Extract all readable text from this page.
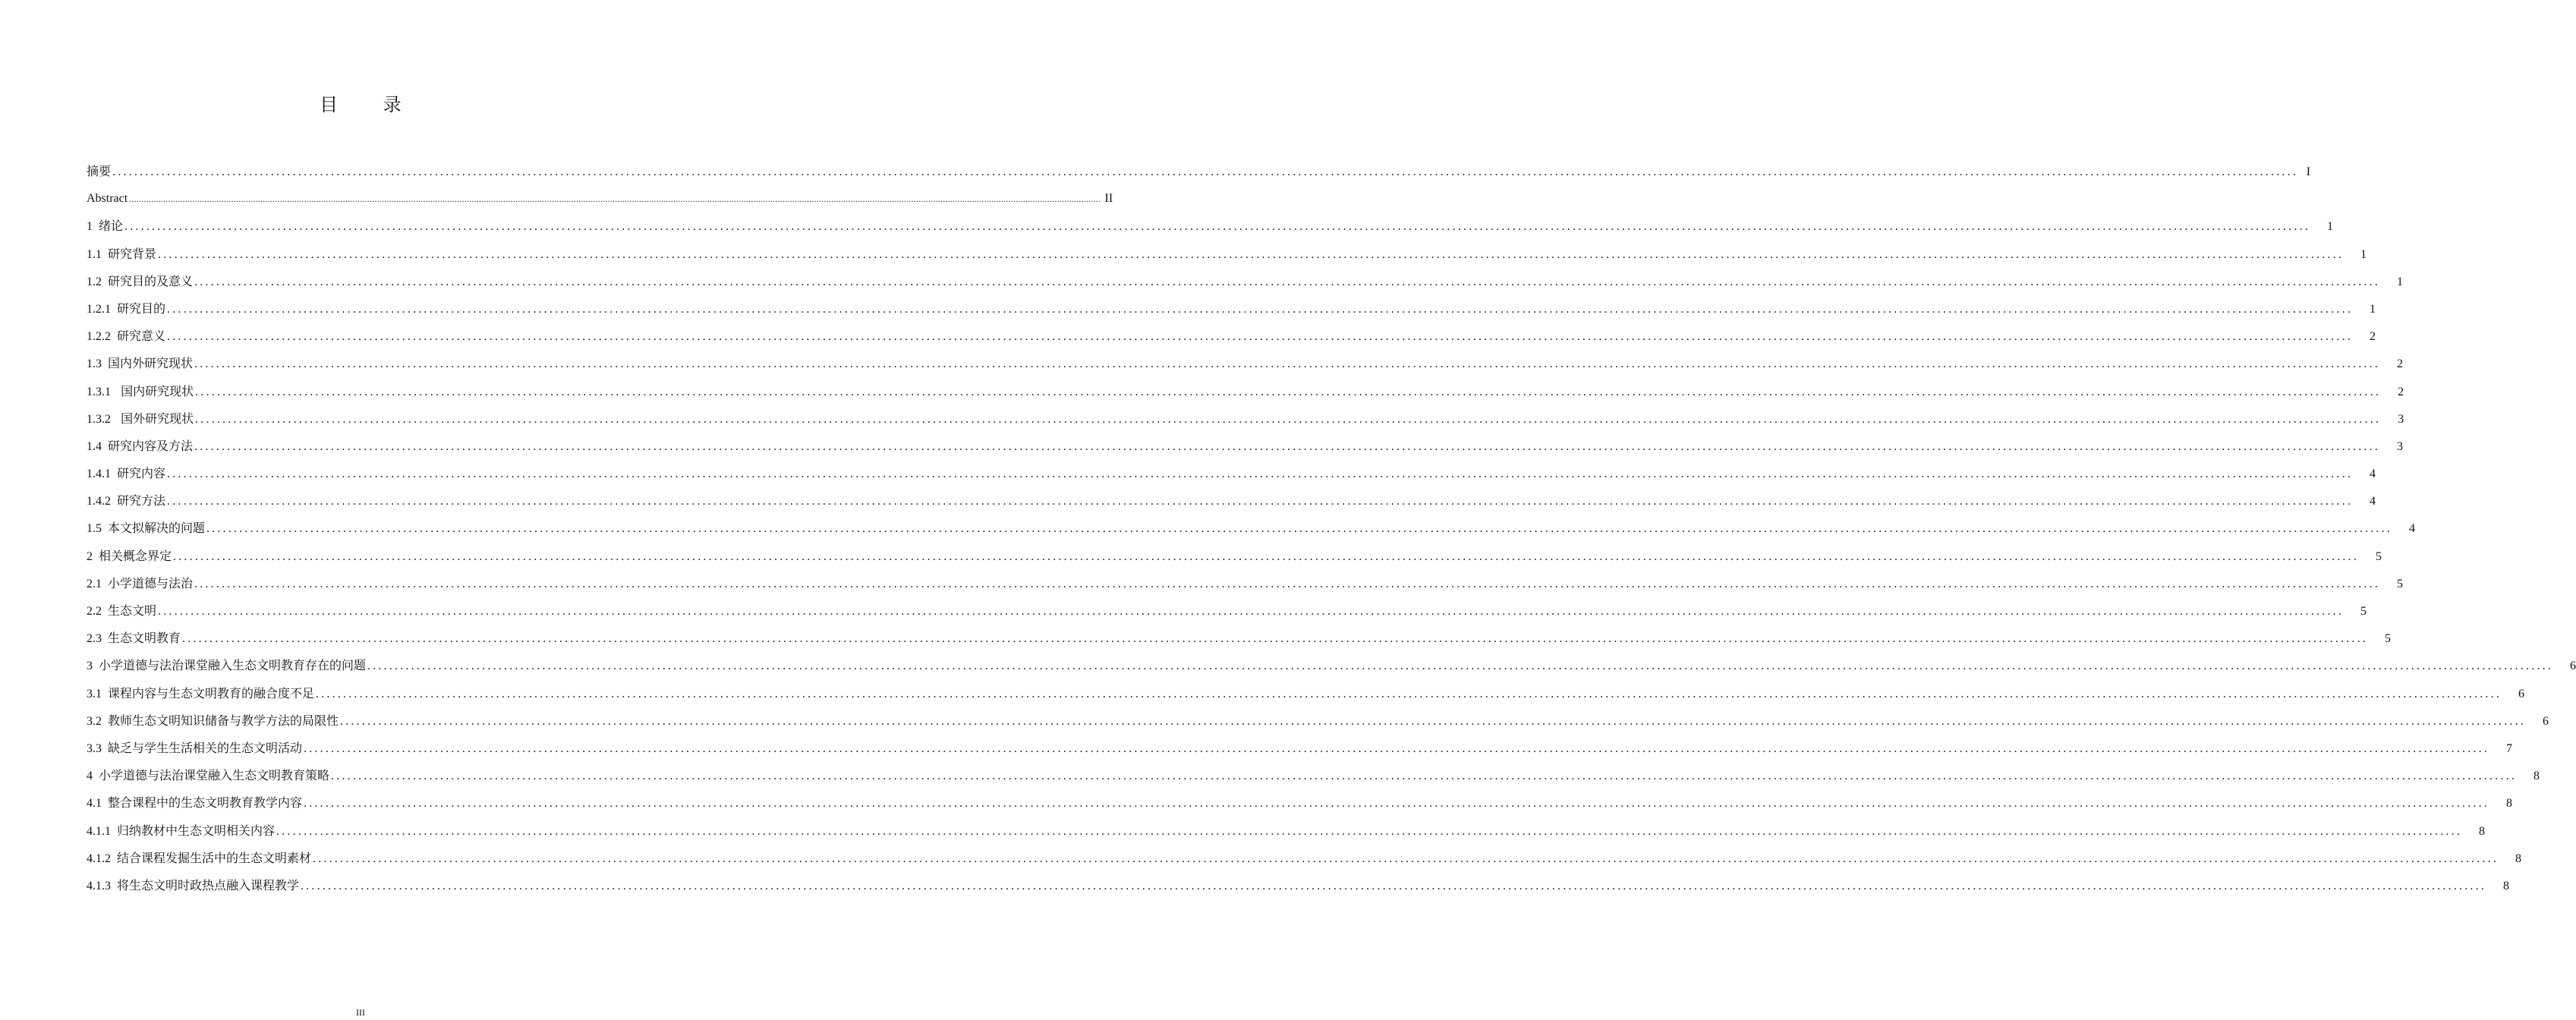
目 录
摘要 ................................................................................................................................................................................................................................................................................................................................................................................................................ I
Abstract ................................................................................................................................................................................................................................................................................................................................................................................................................ II
1 绪论 ................................................................................................................................................................................................................................................................................................................................................................................................................	1
1.1 研究背景 ................................................................................................................................................................................................................................................................................................................................................................................................................	1
1.2 研究目的及意义 ................................................................................................................................................................................................................................................................................................................................................................................................................	1
1.2.1 研究目的 ................................................................................................................................................................................................................................................................................................................................................................................................................	1
1.2.2 研究意义 ................................................................................................................................................................................................................................................................................................................................................................................................................	2
1.3 国内外研究现状 ................................................................................................................................................................................................................................................................................................................................................................................................................	2
1.3.1 国内研究现状 ................................................................................................................................................................................................................................................................................................................................................................................................................	2
1.3.2 国外研究现状 ................................................................................................................................................................................................................................................................................................................................................................................................................	3
1.4 研究内容及方法 ................................................................................................................................................................................................................................................................................................................................................................................................................	3
1.4.1 研究内容 ................................................................................................................................................................................................................................................................................................................................................................................................................	4
1.4.2 研究方法 ................................................................................................................................................................................................................................................................................................................................................................................................................	4
1.5 本文拟解决的问题 ................................................................................................................................................................................................................................................................................................................................................................................................................	4
2 相关概念界定 ................................................................................................................................................................................................................................................................................................................................................................................................................	5
2.1 小学道德与法治 ................................................................................................................................................................................................................................................................................................................................................................................................................	5
2.2 生态文明 ................................................................................................................................................................................................................................................................................................................................................................................................................	5
2.3 生态文明教育 ................................................................................................................................................................................................................................................................................................................................................................................................................	5
3 小学道德与法治课堂融入生态文明教育存在的问题 ................................................................................................................................................................................................................................................................................................................................................................................................................	6
3.1 课程内容与生态文明教育的融合度不足 ................................................................................................................................................................................................................................................................................................................................................................................................................	6
3.2 教师生态文明知识储备与教学方法的局限性 ................................................................................................................................................................................................................................................................................................................................................................................................................	6
3.3 缺乏与学生生活相关的生态文明活动 ................................................................................................................................................................................................................................................................................................................................................................................................................	7
4 小学道德与法治课堂融入生态文明教育策略 ................................................................................................................................................................................................................................................................................................................................................................................................................	8
4.1 整合课程中的生态文明教育教学内容 ................................................................................................................................................................................................................................................................................................................................................................................................................	8
4.1.1 归纳教材中生态文明相关内容 ................................................................................................................................................................................................................................................................................................................................................................................................................	8
4.1.2 结合课程发掘生活中的生态文明素材 ................................................................................................................................................................................................................................................................................................................................................................................................................	8
4.1.3 将生态文明时政热点融入课程教学 ................................................................................................................................................................................................................................................................................................................................................................................................................	8
III
